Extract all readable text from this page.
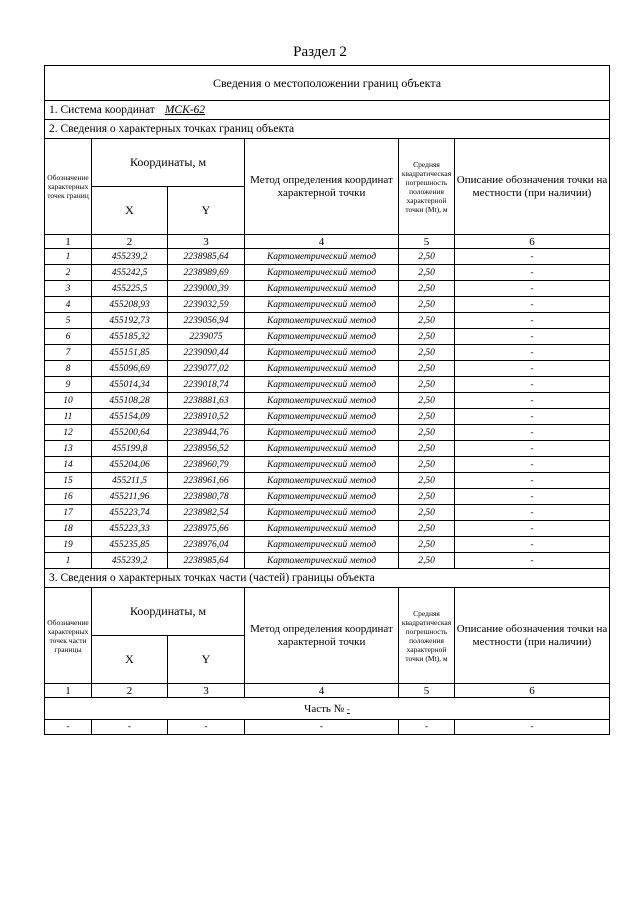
Раздел 2
Сведения о местоположении границ объекта					
1. Система координат МСК-62					
2. Сведения о характерных точках границ объекта					
Обозначение характерных точек границ	Координаты, м		Метод определения координат характерной точки	Средняя квадратическая погрешность положения характерной точки (Mt), м	Описание обозначения точки на местности (при наличии)
	X	Y			
1	2	3	4	5	6
1	455239,2	2238985,64	Картометрический метод	2,50	-
2	455242,5	2238989,69	Картометрический метод	2,50	-
3	455225,5	2239000,39	Картометрический метод	2,50	-
4	455208,93	2239032,59	Картометрический метод	2,50	-
5	455192,73	2239056,94	Картометрический метод	2,50	-
6	455185,32	2239075	Картометрический метод	2,50	-
7	455151,85	2239090,44	Картометрический метод	2,50	-
8	455096,69	2239077,02	Картометрический метод	2,50	-
9	455014,34	2239018,74	Картометрический метод	2,50	-
10	455108,28	2238881,63	Картометрический метод	2,50	-
11	455154,09	2238910,52	Картометрический метод	2,50	-
12	455200,64	2238944,76	Картометрический метод	2,50	-
13	455199,8	2238956,52	Картометрический метод	2,50	-
14	455204,06	2238960,79	Картометрический метод	2,50	-
15	455211,5	2238961,66	Картометрический метод	2,50	-
16	455211,96	2238980,78	Картометрический метод	2,50	-
17	455223,74	2238982,54	Картометрический метод	2,50	-
18	455223,33	2238975,66	Картометрический метод	2,50	-
19	455235,85	2238976,04	Картометрический метод	2,50	-
1	455239,2	2238985,64	Картометрический метод	2,50	-
3. Сведения о характерных точках части (частей) границы объекта					
Обозначение характерных точек части границы	Координаты, м		Метод определения координат характерной точки	Средняя квадратическая погрешность положения характерной точки (Mt), м	Описание обозначения точки на местности (при наличии)
	X	Y			
1	2	3	4	5	6
Часть № -					
-	-	-	-	-	-
